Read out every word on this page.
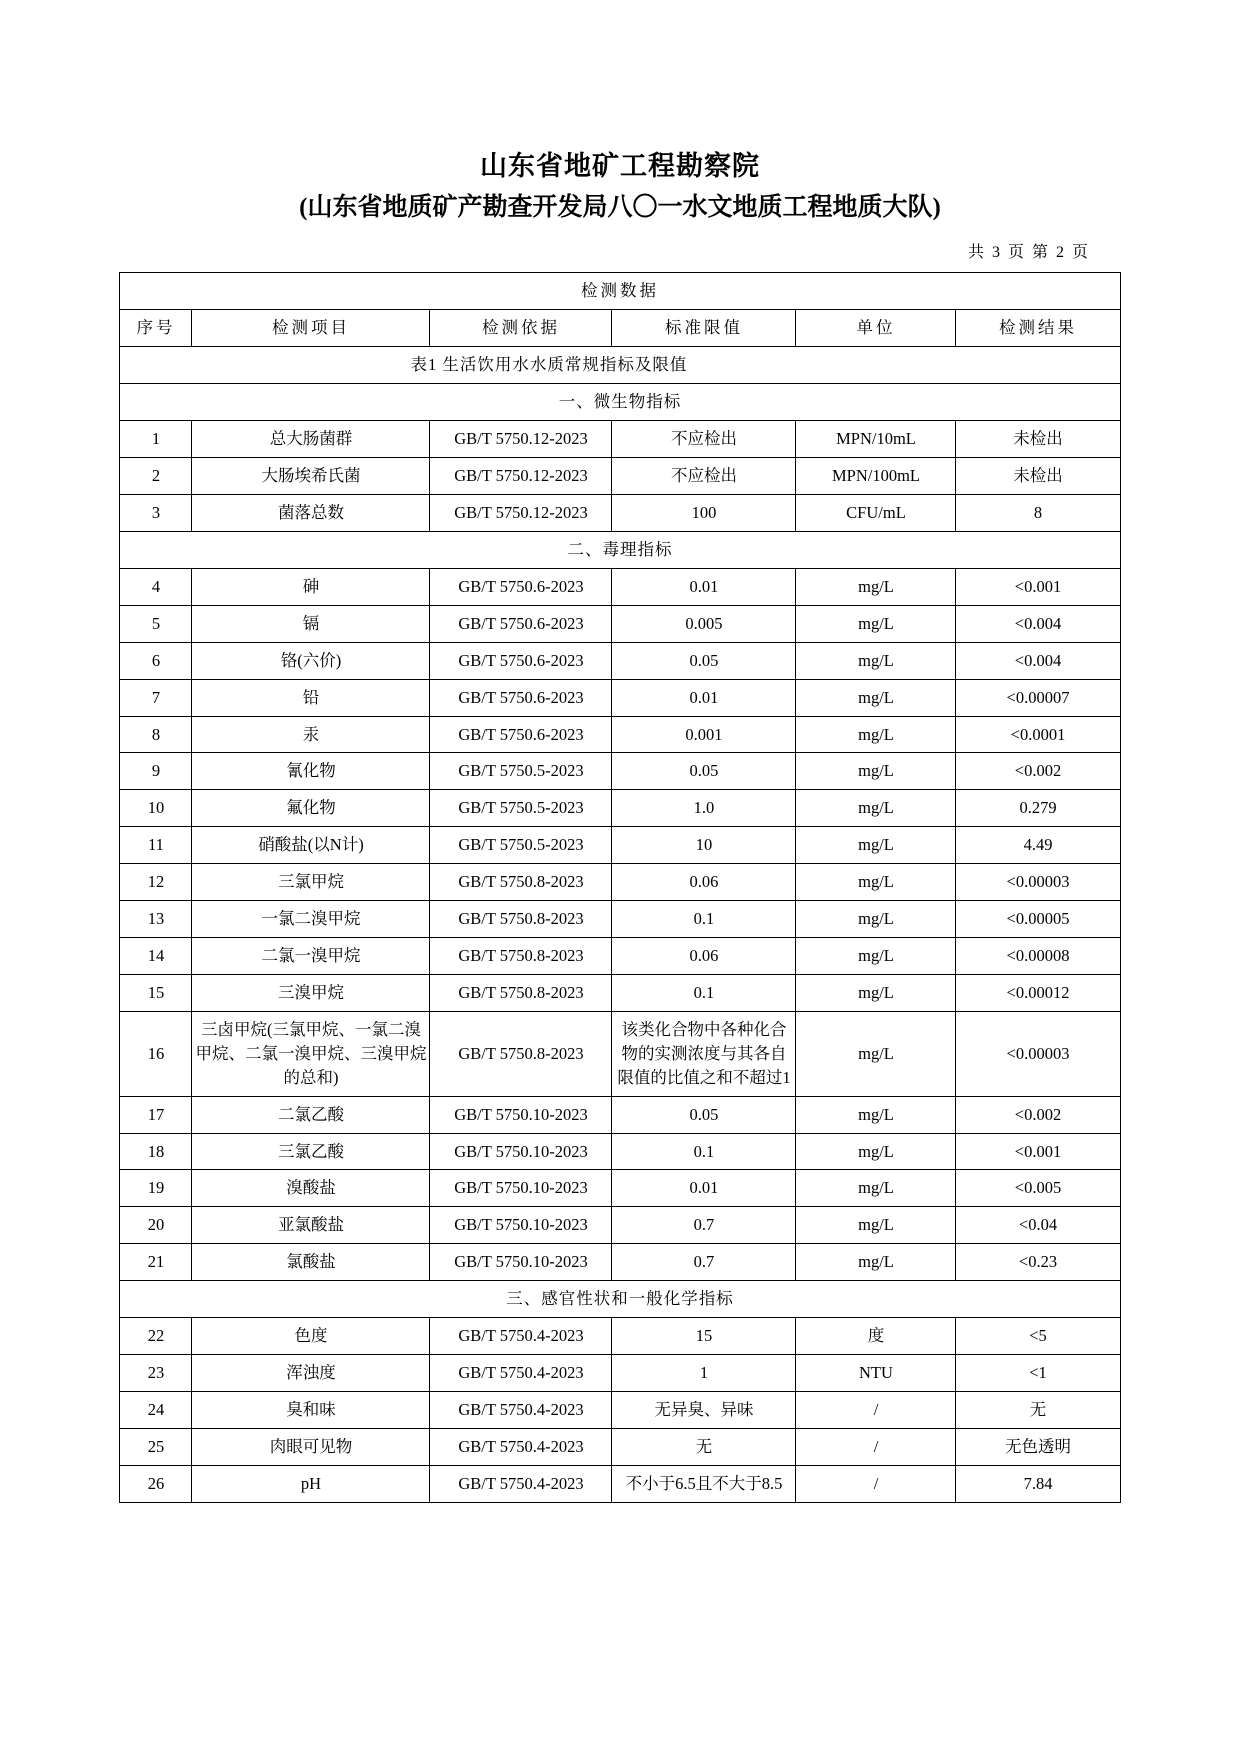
山东省地矿工程勘察院
(山东省地质矿产勘查开发局八〇一水文地质工程地质大队)
共 3 页 第 2 页
检测数据					
序号	检测项目	检测依据	标准限值	单位	检测结果
表1 生活饮用水水质常规指标及限值					
一、微生物指标					
1	总大肠菌群	GB/T 5750.12-2023	不应检出	MPN/10mL	未检出
2	大肠埃希氏菌	GB/T 5750.12-2023	不应检出	MPN/100mL	未检出
3	菌落总数	GB/T 5750.12-2023	100	CFU/mL	8
二、毒理指标					
4	砷	GB/T 5750.6-2023	0.01	mg/L	<0.001
5	镉	GB/T 5750.6-2023	0.005	mg/L	<0.004
6	铬(六价)	GB/T 5750.6-2023	0.05	mg/L	<0.004
7	铅	GB/T 5750.6-2023	0.01	mg/L	<0.00007
8	汞	GB/T 5750.6-2023	0.001	mg/L	<0.0001
9	氰化物	GB/T 5750.5-2023	0.05	mg/L	<0.002
10	氟化物	GB/T 5750.5-2023	1.0	mg/L	0.279
11	硝酸盐(以N计)	GB/T 5750.5-2023	10	mg/L	4.49
12	三氯甲烷	GB/T 5750.8-2023	0.06	mg/L	<0.00003
13	一氯二溴甲烷	GB/T 5750.8-2023	0.1	mg/L	<0.00005
14	二氯一溴甲烷	GB/T 5750.8-2023	0.06	mg/L	<0.00008
15	三溴甲烷	GB/T 5750.8-2023	0.1	mg/L	<0.00012
16	三卤甲烷(三氯甲烷、一氯二溴甲烷、二氯一溴甲烷、三溴甲烷的总和)	GB/T 5750.8-2023	该类化合物中各种化合物的实测浓度与其各自限值的比值之和不超过1	mg/L	<0.00003
17	二氯乙酸	GB/T 5750.10-2023	0.05	mg/L	<0.002
18	三氯乙酸	GB/T 5750.10-2023	0.1	mg/L	<0.001
19	溴酸盐	GB/T 5750.10-2023	0.01	mg/L	<0.005
20	亚氯酸盐	GB/T 5750.10-2023	0.7	mg/L	<0.04
21	氯酸盐	GB/T 5750.10-2023	0.7	mg/L	<0.23
三、感官性状和一般化学指标					
22	色度	GB/T 5750.4-2023	15	度	<5
23	浑浊度	GB/T 5750.4-2023	1	NTU	<1
24	臭和味	GB/T 5750.4-2023	无异臭、异味	/	无
25	肉眼可见物	GB/T 5750.4-2023	无	/	无色透明
26	pH	GB/T 5750.4-2023	不小于6.5且不大于8.5	/	7.84
